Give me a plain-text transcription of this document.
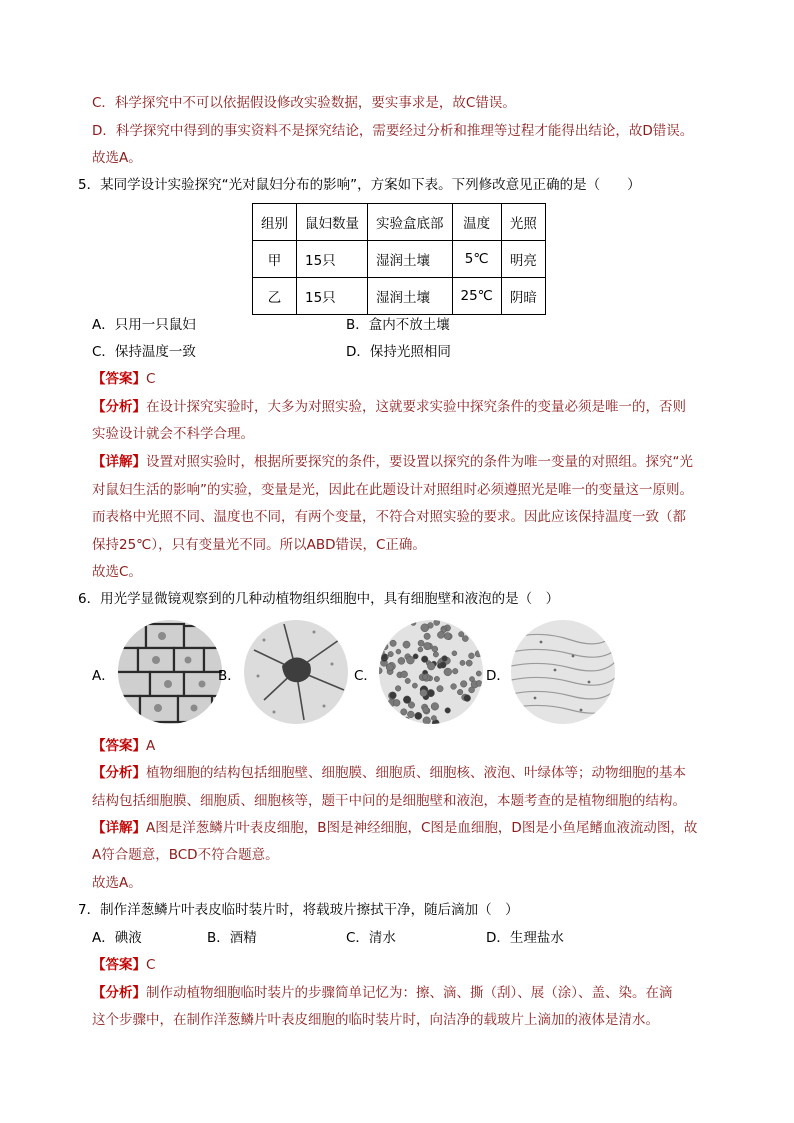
C．科学探究中不可以依据假设修改实验数据，要实事求是，故C错误。
D．科学探究中得到的事实资料不是探究结论，需要经过分析和推理等过程才能得出结论，故D错误。
故选A。
5．某同学设计实验探究“光对鼠妇分布的影响”，方案如下表。下列修改意见正确的是（　　）
组别	鼠妇数量	实验盒底部	温度	光照
甲	15只	湿润土壤	5℃	明亮
乙	15只	湿润土壤	25℃	阴暗
A．只用一只鼠妇	B．盒内不放土壤
C．保持温度一致	D．保持光照相同
【答案】C
【分析】在设计探究实验时，大多为对照实验，这就要求实验中探究条件的变量必须是唯一的，否则
实验设计就会不科学合理。
【详解】设置对照实验时，根据所要探究的条件，要设置以探究的条件为唯一变量的对照组。探究“光
对鼠妇生活的影响”的实验，变量是光，因此在此题设计对照组时必须遵照光是唯一的变量这一原则。
而表格中光照不同、温度也不同，有两个变量，不符合对照实验的要求。因此应该保持温度一致（都
保持25℃），只有变量光不同。所以ABD错误，C正确。
故选C。
6．用光学显微镜观察到的几种动植物组织细胞中，具有细胞壁和液泡的是（　）
A．	B．	C．	D．
【答案】A
【分析】植物细胞的结构包括细胞壁、细胞膜、细胞质、细胞核、液泡、叶绿体等；动物细胞的基本
结构包括细胞膜、细胞质、细胞核等，题干中问的是细胞壁和液泡，本题考查的是植物细胞的结构。
【详解】A图是洋葱鳞片叶表皮细胞，B图是神经细胞，C图是血细胞，D图是小鱼尾鳍血液流动图，故
A符合题意，BCD不符合题意。
故选A。
7．制作洋葱鳞片叶表皮临时装片时，将载玻片擦拭干净，随后滴加（　）
A．碘液	B．酒精	C．清水	D．生理盐水
【答案】C
【分析】制作动植物细胞临时装片的步骤简单记忆为：擦、滴、撕（刮）、展（涂）、盖、染。在滴
这个步骤中，在制作洋葱鳞片叶表皮细胞的临时装片时，向洁净的载玻片上滴加的液体是清水。
